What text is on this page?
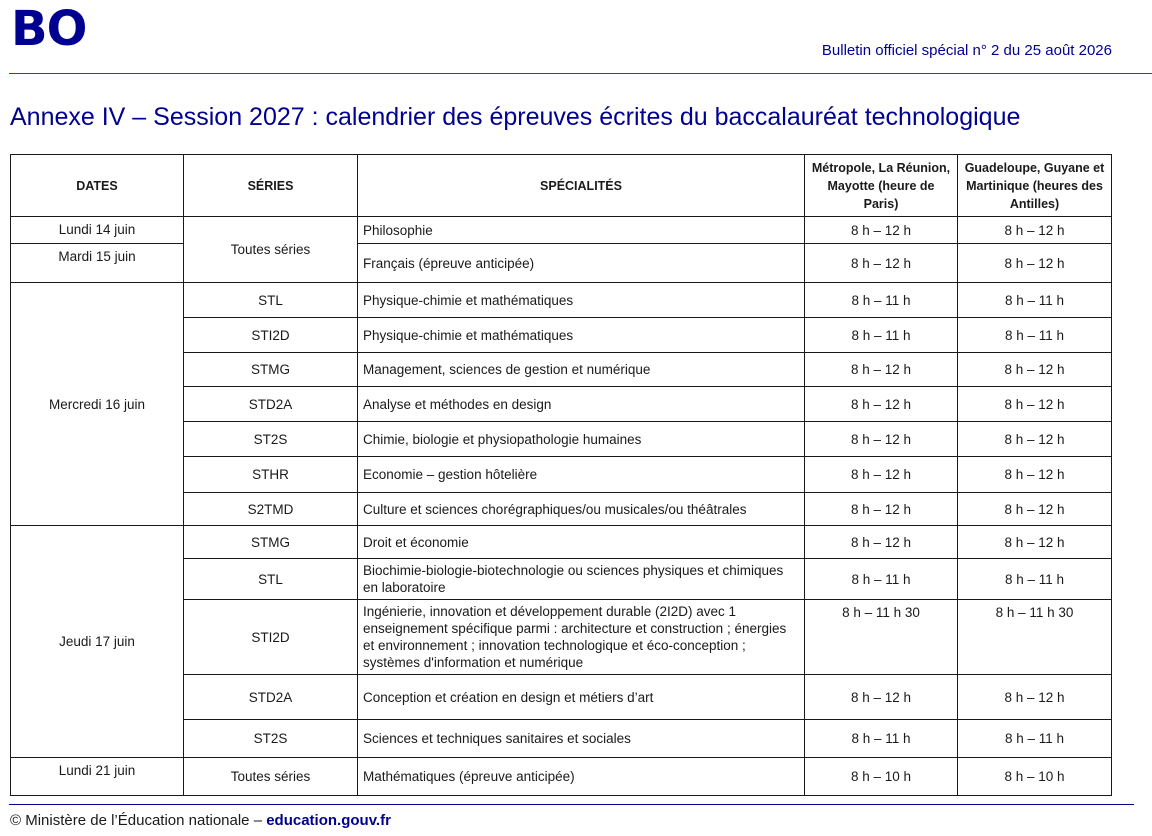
BO	Bulletin officiel spécial n° 2 du 25 août 2026
Annexe IV – Session 2027 : calendrier des épreuves écrites du baccalauréat technologique
DATES	SÉRIES	SPÉCIALITÉS	Métropole, La Réunion, Mayotte (heure de Paris)	Guadeloupe, Guyane et Martinique (heures des Antilles)
Lundi 14 juin	Toutes séries	Philosophie	8 h – 12 h	8 h – 12 h
Mardi 15 juin		Français (épreuve anticipée)	8 h – 12 h	8 h – 12 h
Mercredi 16 juin	STL	Physique-chimie et mathématiques	8 h – 11 h	8 h – 11 h
	STI2D	Physique-chimie et mathématiques	8 h – 11 h	8 h – 11 h
	STMG	Management, sciences de gestion et numérique	8 h – 12 h	8 h – 12 h
	STD2A	Analyse et méthodes en design	8 h – 12 h	8 h – 12 h
	ST2S	Chimie, biologie et physiopathologie humaines	8 h – 12 h	8 h – 12 h
	STHR	Economie – gestion hôtelière	8 h – 12 h	8 h – 12 h
	S2TMD	Culture et sciences chorégraphiques/ou musicales/ou théâtrales	8 h – 12 h	8 h – 12 h
Jeudi 17 juin	STMG	Droit et économie	8 h – 12 h	8 h – 12 h
	STL	Biochimie-biologie-biotechnologie ou sciences physiques et chimiques en laboratoire	8 h – 11 h	8 h – 11 h
	STI2D	Ingénierie, innovation et développement durable (2I2D) avec 1 enseignement spécifique parmi : architecture et construction ; énergies et environnement ; innovation technologique et éco-conception ; systèmes d'information et numérique	8 h – 11 h 30	8 h – 11 h 30
	STD2A	Conception et création en design et métiers d’art	8 h – 12 h	8 h – 12 h
	ST2S	Sciences et techniques sanitaires et sociales	8 h – 11 h	8 h – 11 h
Lundi 21 juin	Toutes séries	Mathématiques (épreuve anticipée)	8 h – 10 h	8 h – 10 h
© Ministère de l’Éducation nationale – education.gouv.fr
